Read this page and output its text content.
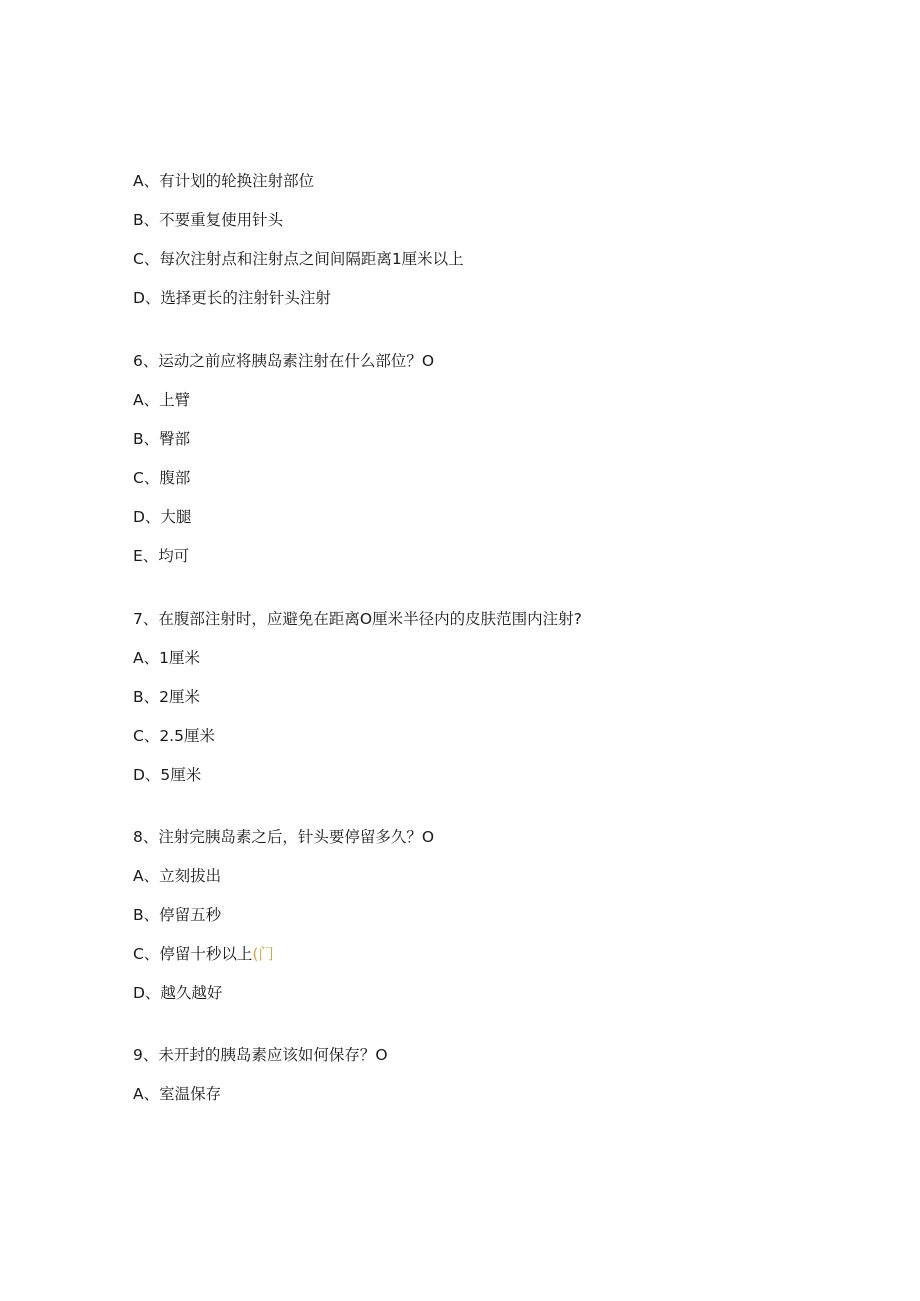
A、有计划的轮换注射部位
B、不要重复使用针头
C、每次注射点和注射点之间间隔距离1厘米以上
D、选择更长的注射针头注射
6、运动之前应将胰岛素注射在什么部位？O
A、上臂
B、臀部
C、腹部
D、大腿
E、均可
7、在腹部注射时，应避免在距离O厘米半径内的皮肤范围内注射?
A、1厘米
B、2厘米
C、2.5厘米
D、5厘米
8、注射完胰岛素之后，针头要停留多久？O
A、立刻拔出
B、停留五秒
C、停留十秒以上(门
D、越久越好
9、未开封的胰岛素应该如何保存？O
A、室温保存
